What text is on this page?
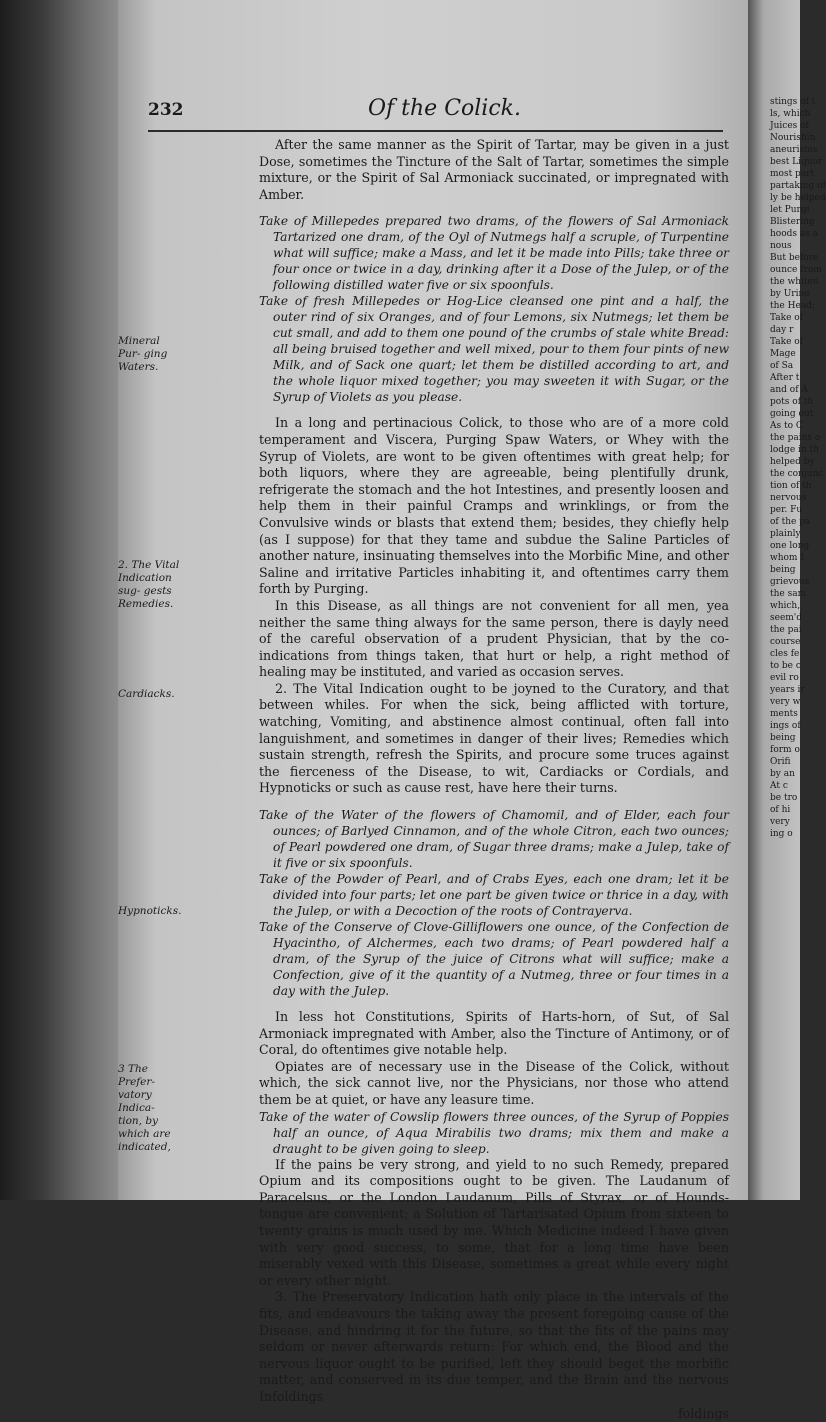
232	Of the Colick.
Mineral Pur- ging Waters.
2. The Vital Indication sug- gests Remedies.
Cardiacks.
Hypnoticks.
3 The Prefer- vatory Indica- tion, by which are indicated,

After the same manner as the Spirit of Tartar, may be given in a just Dose, sometimes the Tincture of the Salt of Tartar, sometimes the simple mixture, or the Spirit of Sal Armoniack succinated, or impregnated with Amber.

Take of Millepedes prepared two drams, of the flowers of Sal Armoniack Tartarized one dram, of the Oyl of Nutmegs half a scruple, of Turpentine what will suffice; make a Mass, and let it be made into Pills; take three or four once or twice in a day, drinking after it a Dose of the Julep, or of the following distilled water five or six spoonfuls.

Take of fresh Millepedes or Hog-Lice cleansed one pint and a half, the outer rind of six Oranges, and of four Lemons, six Nutmegs; let them be cut small, and add to them one pound of the crumbs of stale white Bread: all being bruised together and well mixed, pour to them four pints of new Milk, and of Sack one quart; let them be distilled according to art, and the whole liquor mixed together; you may sweeten it with Sugar, or the Syrup of Violets as you please.

In a long and pertinacious Colick, to those who are of a more cold temperament and Viscera, Purging Spaw Waters, or Whey with the Syrup of Violets, are wont to be given oftentimes with great help; for both liquors, where they are agreeable, being plentifully drunk, refrigerate the stomach and the hot Intestines, and presently loosen and help them in their painful Cramps and wrinklings, or from the Convulsive winds or blasts that extend them; besides, they chiefly help (as I suppose) for that they tame and subdue the Saline Particles of another nature, insinuating themselves into the Morbific Mine, and other Saline and irritative Particles inhabiting it, and oftentimes carry them forth by Purging.

In this Disease, as all things are not convenient for all men, yea neither the same thing always for the same person, there is dayly need of the careful observation of a prudent Physician, that by the co-indications from things taken, that hurt or help, a right method of healing may be instituted, and varied as occasion serves.

2. The Vital Indication ought to be joyned to the Curatory, and that between whiles. For when the sick, being afflicted with torture, watching, Vomiting, and abstinence almost continual, often fall into languishment, and sometimes in danger of their lives; Remedies which sustain strength, refresh the Spirits, and procure some truces against the fierceness of the Disease, to wit, Cardiacks or Cordials, and Hypnoticks or such as cause rest, have here their turns.

Take of the Water of the flowers of Chamomil, and of Elder, each four ounces; of Barlyed Cinnamon, and of the whole Citron, each two ounces; of Pearl powdered one dram, of Sugar three drams; make a Julep, take of it five or six spoonfuls.

Take of the Powder of Pearl, and of Crabs Eyes, each one dram; let it be divided into four parts; let one part be given twice or thrice in a day, with the Julep, or with a Decoction of the roots of Contrayerva.

Take of the Conserve of Clove-Gilliflowers one ounce, of the Confection de Hyacintho, of Alchermes, each two drams; of Pearl powdered half a dram, of the Syrup of the juice of Citrons what will suffice; make a Confection, give of it the quantity of a Nutmeg, three or four times in a day with the Julep.

In less hot Constitutions, Spirits of Harts-horn, of Sut, of Sal Armoniack impregnated with Amber, also the Tincture of Antimony, or of Coral, do oftentimes give notable help.

Opiates are of necessary use in the Disease of the Colick, without which, the sick cannot live, nor the Physicians, nor those who attend them be at quiet, or have any leasure time.

Take of the water of Cowslip flowers three ounces, of the Syrup of Poppies half an ounce, of Aqua Mirabilis two drams; mix them and make a draught to be given going to sleep.

If the pains be very strong, and yield to no such Remedy, prepared Opium and its compositions ought to be given. The Laudanum of Paracelsus, or the London Laudanum, Pills of Styrax, or of Hounds-tongue are convenient; a Solution of Tartarisated Opium from sixteen to twenty grains is much used by me. Which Medicine indeed I have given with very good success, to some, that for a long time have been miserably vexed with this Disease, sometimes a great while every night or every other night.

3. The Preservatory Indication hath only place in the intervals of the fits, and endeavours the taking away the present foregoing cause of the Disease, and hindring it for the future, so that the fits of the pains may seldom or never afterwards return: For which end, the Blood and the nervous liquor ought to be purified, left they should beget the morbific matter, and conserved in its due temper, and the Brain and the nervous Infoldings

foldings

stings of t
ls, which
Juices of
Nourishin
aneurisms
best Liquor
most part
partaking of
ly be helped
let Purgi
Blistering
hoods as a
nous
But before
ounce from
the whiten
by Urine
the Head;
Take of
day r
Take of
Mage
of Sa
After t
and of A
pots of th
going out
As to C
the pains o
lodge in th
helped by
the conjunc
tion of th
nervous
per. Fu
of the pa
plainly
one long
whom I
being
grievous
the sam
which,
seem'd
the pai
course
cles fe
to be c
evil ro
years ir
very w
ments
ings of
being
form o
Orifi
by an
At c
be tro
of hi
very
ing o
